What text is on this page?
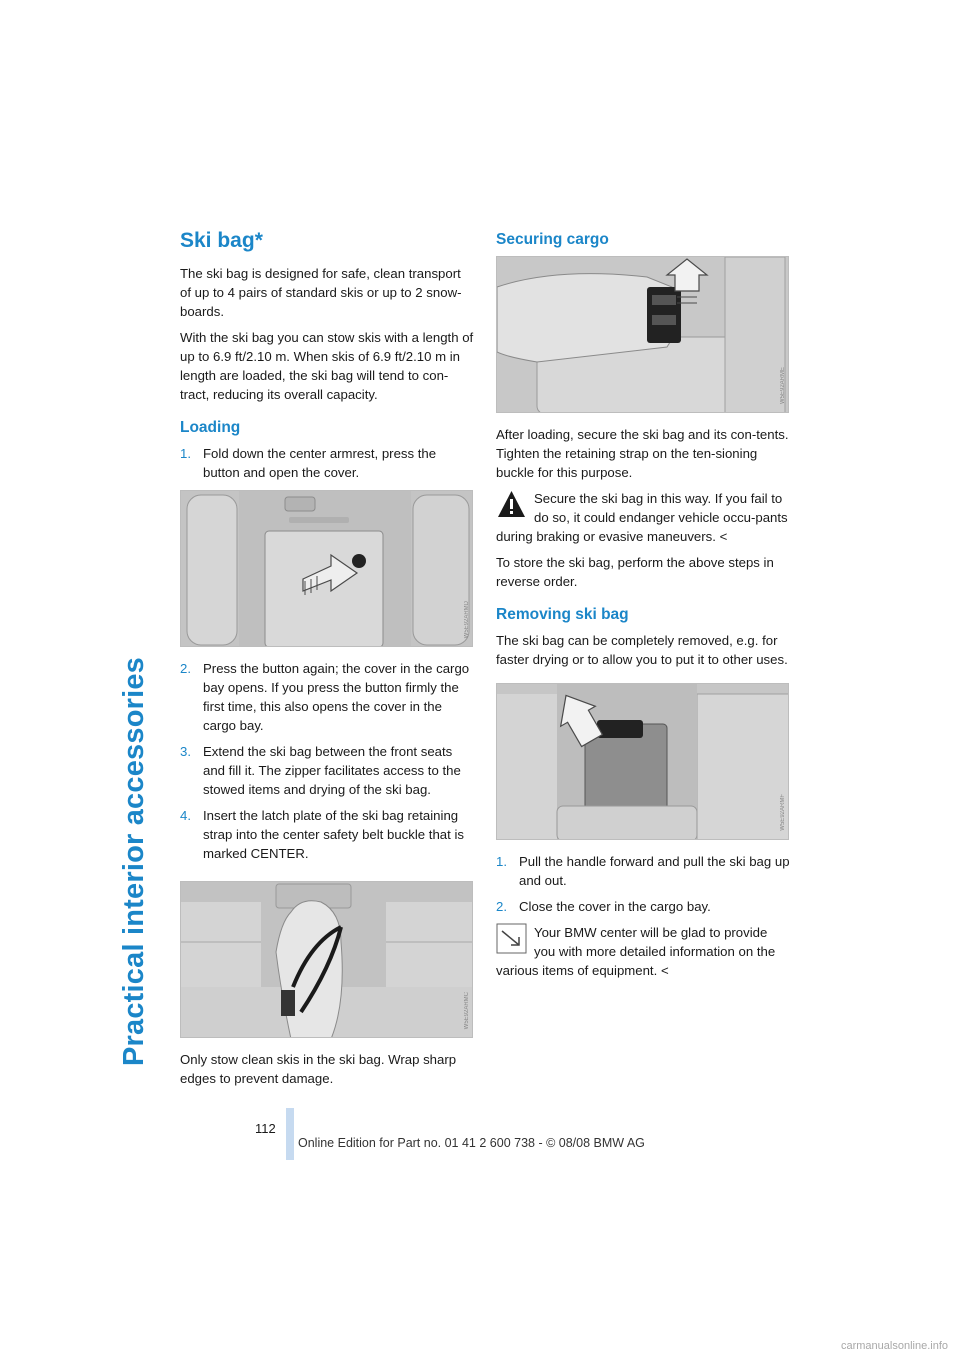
Practical interior accessories
Ski bag*

The ski bag is designed for safe, clean transport of up to 4 pairs of standard skis or up to 2 snow-boards.

With the ski bag you can stow skis with a length of up to 6.9 ft/2.10 m. When skis of 6.9 ft/2.10 m in length are loaded, the ski bag will tend to con-tract, reducing its overall capacity.

Loading
1. Fold down the center armrest, press the button and open the cover.
W5E92ARMD
2. Press the button again; the cover in the cargo bay opens. If you press the button firmly the first time, this also opens the cover in the cargo bay.
3. Extend the ski bag between the front seats and fill it. The zipper facilitates access to the stowed items and drying of the ski bag.
4. Insert the latch plate of the ski bag retaining strap into the center safety belt buckle that is marked CENTER.
W5E92ARMC

Only stow clean skis in the ski bag. Wrap sharp edges to prevent damage.

Securing cargo
W5E92ARME

After loading, secure the ski bag and its con-tents. Tighten the retaining strap on the ten-sioning buckle for this purpose.

Secure the ski bag in this way. If you fail to do so, it could endanger vehicle occu-pants during braking or evasive maneuvers. <

To store the ski bag, perform the above steps in reverse order.

Removing ski bag

The ski bag can be completely removed, e.g. for faster drying or to allow you to put it to other uses.

W5E92ARMF
1. Pull the handle forward and pull the ski bag up and out.
2. Close the cover in the cargo bay.
Your BMW center will be glad to provide you with more detailed information on the various items of equipment. <
112
Online Edition for Part no. 01 41 2 600 738 - © 08/08 BMW AG
carmanualsonline.info
